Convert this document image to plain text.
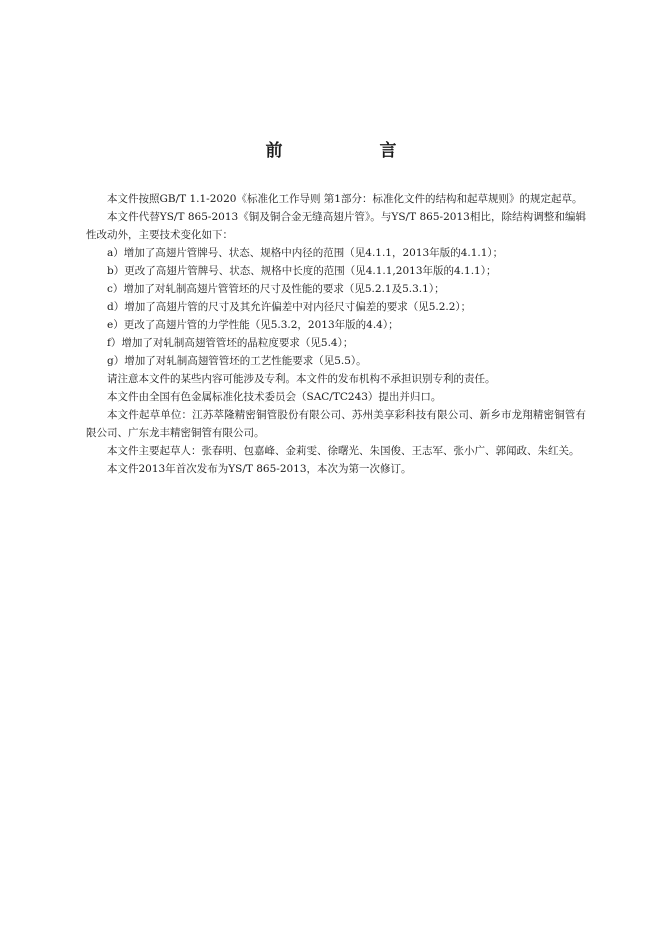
前　言

本文件按照GB/T 1.1-2020《标准化工作导则 第1部分：标准化文件的结构和起草规则》的规定起草。

本文件代替YS/T 865-2013《铜及铜合金无缝高翅片管》。与YS/T 865-2013相比，除结构调整和编辑性改动外，主要技术变化如下：

a）增加了高翅片管牌号、状态、规格中内径的范围（见4.1.1，2013年版的4.1.1）；

b）更改了高翅片管牌号、状态、规格中长度的范围（见4.1.1,2013年版的4.1.1）；

c）增加了对轧制高翅片管管坯的尺寸及性能的要求（见5.2.1及5.3.1）；

d）增加了高翅片管的尺寸及其允许偏差中对内径尺寸偏差的要求（见5.2.2）；

e）更改了高翅片管的力学性能（见5.3.2，2013年版的4.4）；

f）增加了对轧制高翅管管坯的晶粒度要求（见5.4）；

g）增加了对轧制高翅管管坯的工艺性能要求（见5.5）。

请注意本文件的某些内容可能涉及专利。本文件的发布机构不承担识别专利的责任。

本文件由全国有色金属标准化技术委员会（SAC/TC243）提出并归口。

本文件起草单位：江苏萃隆精密铜管股份有限公司、苏州美享彩科技有限公司、新乡市龙翔精密铜管有限公司、广东龙丰精密铜管有限公司。

本文件主要起草人：张春明、包嘉峰、金莉雯、徐曙光、朱国俊、王志军、张小广、郭闻政、朱红关。

本文件2013年首次发布为YS/T 865-2013，本次为第一次修订。
